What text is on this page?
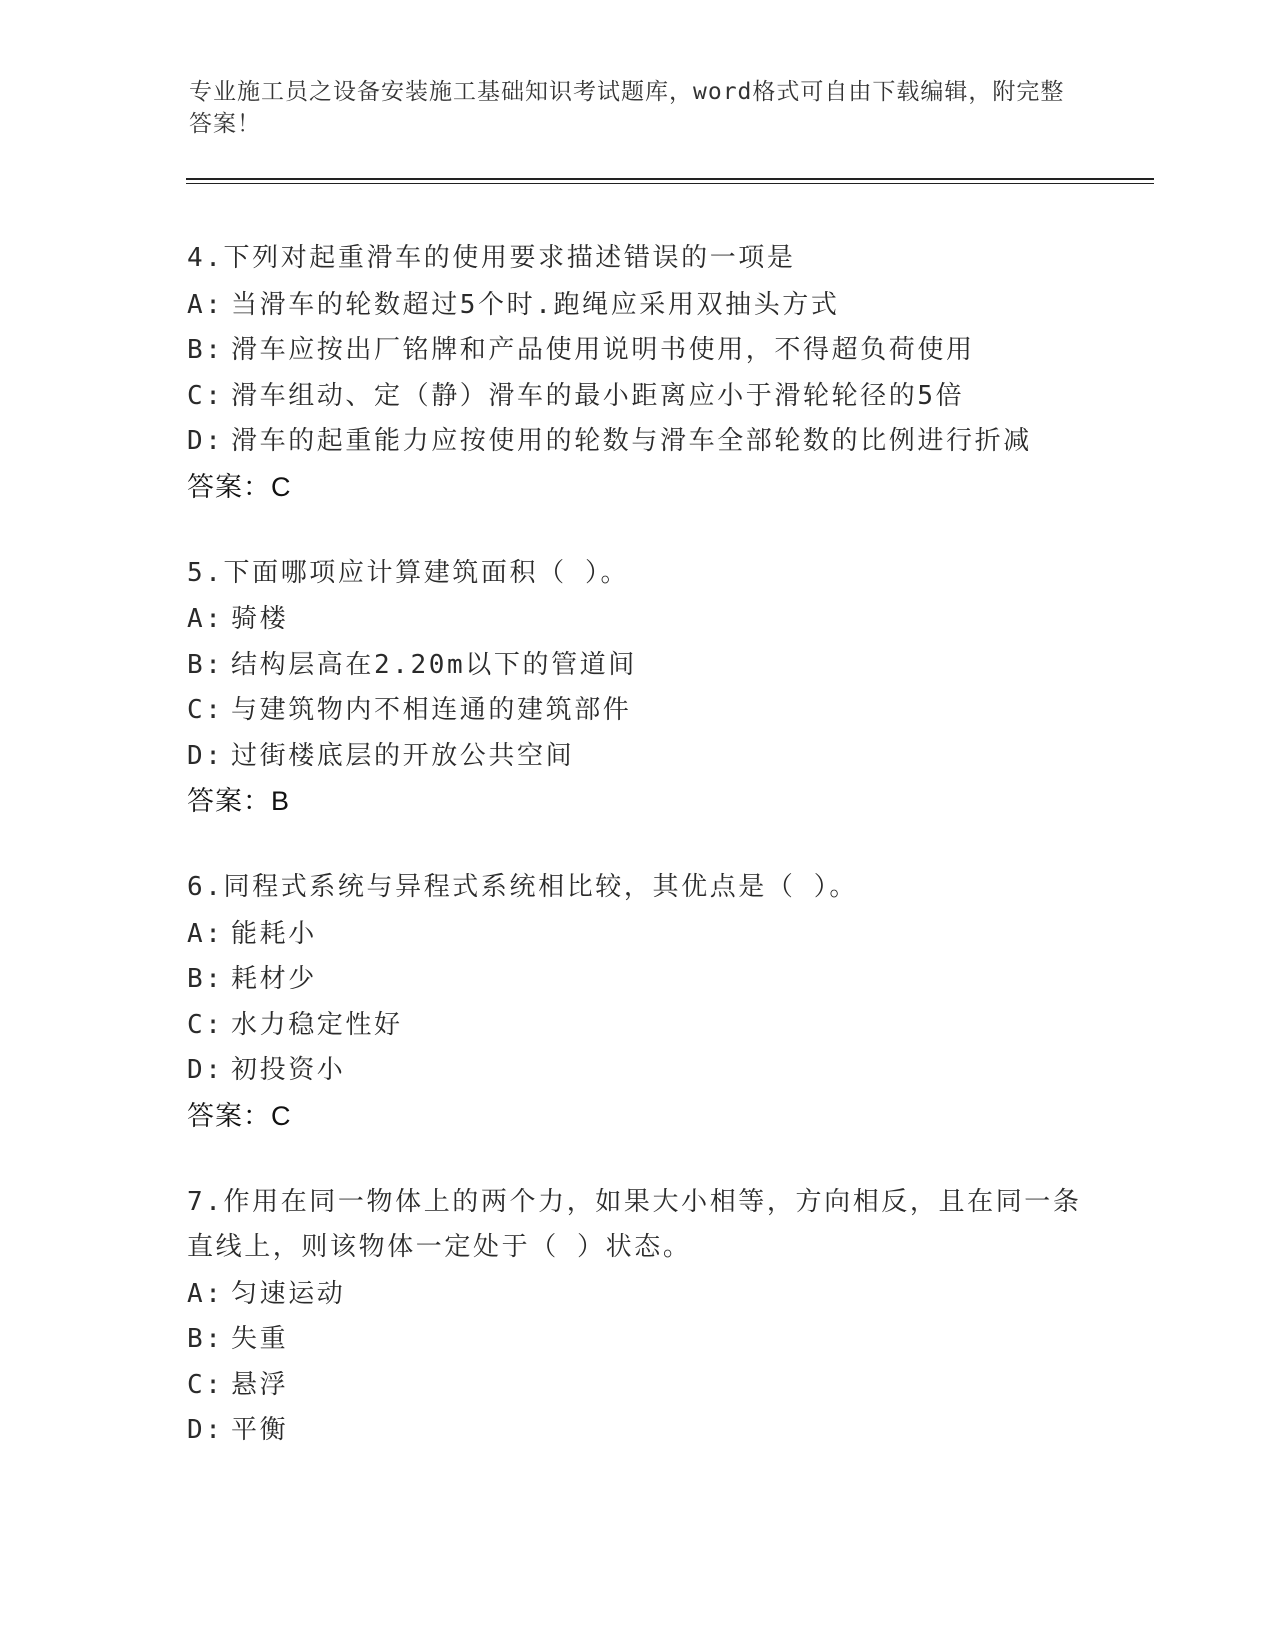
专业施工员之设备安装施工基础知识考试题库，word格式可自由下载编辑，附完整答案！
4.下列对起重滑车的使用要求描述错误的一项是
A: 当滑车的轮数超过5个时.跑绳应采用双抽头方式
B: 滑车应按出厂铭牌和产品使用说明书使用，不得超负荷使用
C: 滑车组动、定（静）滑车的最小距离应小于滑轮轮径的5倍
D: 滑车的起重能力应按使用的轮数与滑车全部轮数的比例进行折减
答案：C
5.下面哪项应计算建筑面积（ ）。
A: 骑楼
B: 结构层高在2.20m以下的管道间
C: 与建筑物内不相连通的建筑部件
D: 过街楼底层的开放公共空间
答案：B
6.同程式系统与异程式系统相比较，其优点是（ ）。
A: 能耗小
B: 耗材少
C: 水力稳定性好
D: 初投资小
答案：C
7.作用在同一物体上的两个力，如果大小相等，方向相反，且在同一条直线上，则该物体一定处于（ ）状态。
A: 匀速运动
B: 失重
C: 悬浮
D: 平衡
